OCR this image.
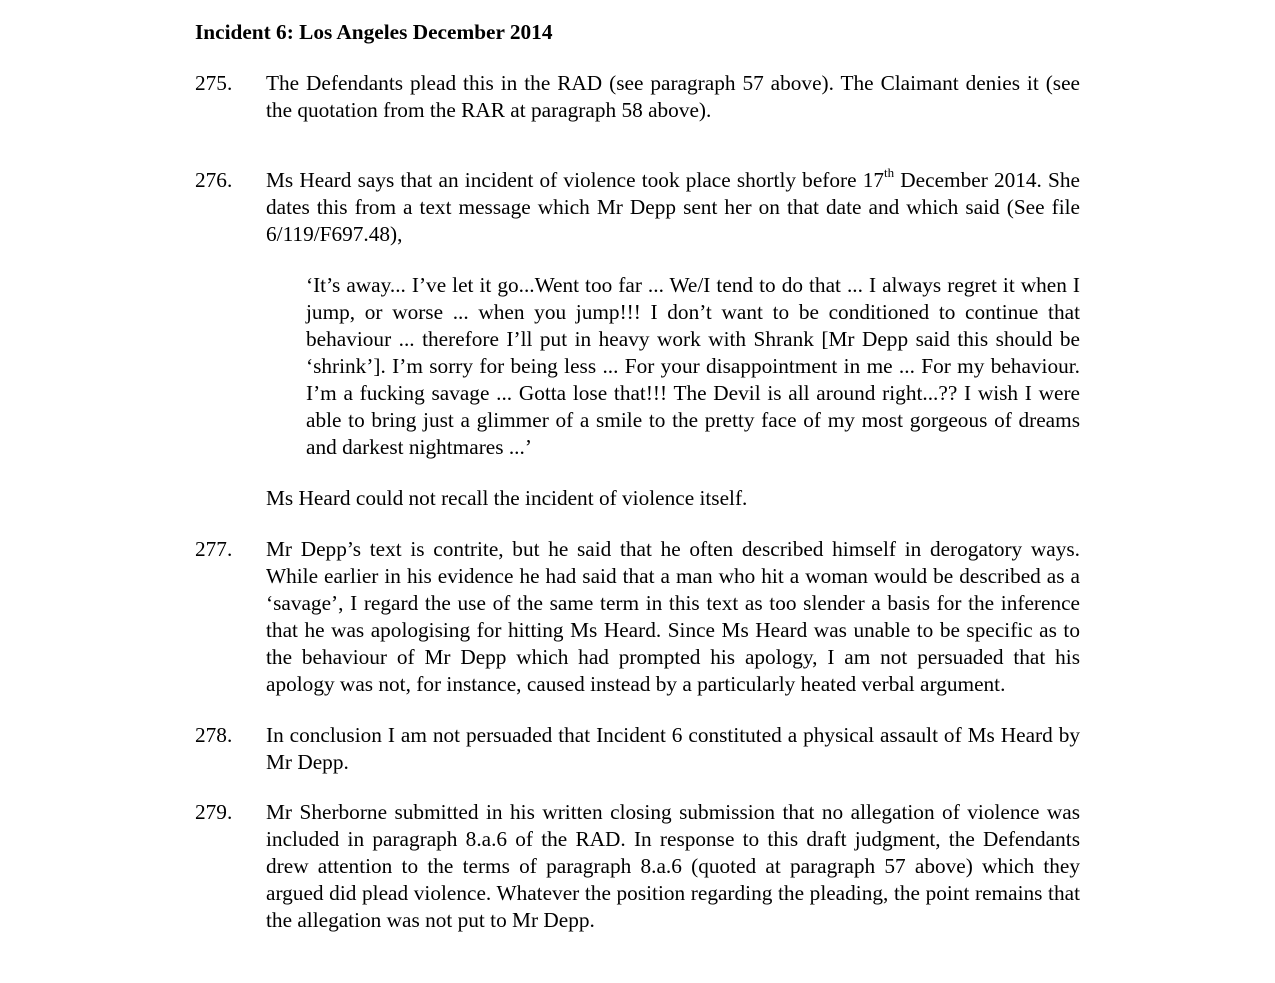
Incident 6: Los Angeles December 2014
275.	The Defendants plead this in the RAD (see paragraph 57 above). The Claimant denies it (see the quotation from the RAR at paragraph 58 above).

276.	Ms Heard says that an incident of violence took place shortly before 17th December 2014. She dates this from a text message which Mr Depp sent her on that date and which said (See file 6/119/F697.48),

‘It’s away... I’ve let it go...Went too far ... We/I tend to do that ... I always regret it when I jump, or worse ... when you jump!!! I don’t want to be conditioned to continue that behaviour ... therefore I’ll put in heavy work with Shrank [Mr Depp said this should be ‘shrink’]. I’m sorry for being less ... For your disappointment in me ... For my behaviour. I’m a fucking savage ... Gotta lose that!!! The Devil is all around right...?? I wish I were able to bring just a glimmer of a smile to the pretty face of my most gorgeous of dreams and darkest nightmares ...’

Ms Heard could not recall the incident of violence itself.

277.	Mr Depp’s text is contrite, but he said that he often described himself in derogatory ways. While earlier in his evidence he had said that a man who hit a woman would be described as a ‘savage’, I regard the use of the same term in this text as too slender a basis for the inference that he was apologising for hitting Ms Heard. Since Ms Heard was unable to be specific as to the behaviour of Mr Depp which had prompted his apology, I am not persuaded that his apology was not, for instance, caused instead by a particularly heated verbal argument.

278.	In conclusion I am not persuaded that Incident 6 constituted a physical assault of Ms Heard by Mr Depp.

279.	Mr Sherborne submitted in his written closing submission that no allegation of violence was included in paragraph 8.a.6 of the RAD. In response to this draft judgment, the Defendants drew attention to the terms of paragraph 8.a.6 (quoted at paragraph 57 above) which they argued did plead violence. Whatever the position regarding the pleading, the point remains that the allegation was not put to Mr Depp.
